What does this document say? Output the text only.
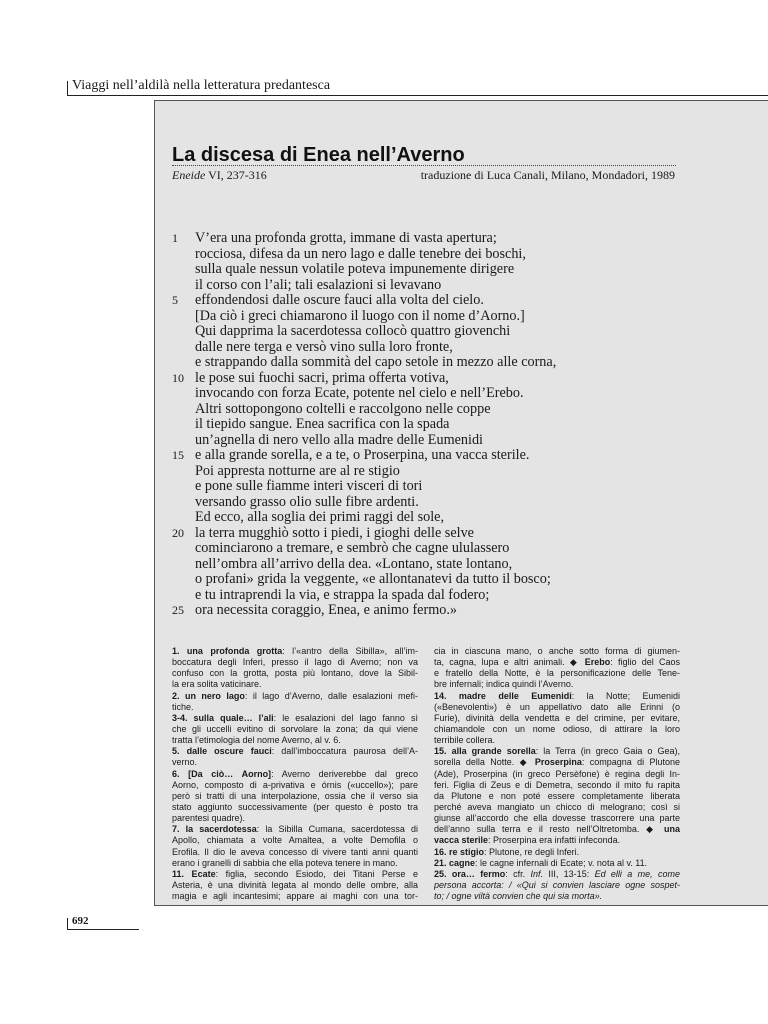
Viaggi nell’aldilà nella letteratura predantesca
La discesa di Enea nell’Averno
Eneide VI, 237-316	traduzione di Luca Canali, Milano, Mondadori, 1989
1	V’era una profonda grotta, immane di vasta apertura;
rocciosa, difesa da un nero lago e dalle tenebre dei boschi,
sulla quale nessun volatile poteva impunemente dirigere
il corso con l’ali; tali esalazioni si levavano
5	effondendosi dalle oscure fauci alla volta del cielo.
[Da ciò i greci chiamarono il luogo con il nome d’Aorno.]
Qui dapprima la sacerdotessa collocò quattro giovenchi
dalle nere terga e versò vino sulla loro fronte,
e strappando dalla sommità del capo setole in mezzo alle corna,
10 le pose sui fuochi sacri, prima offerta votiva,
invocando con forza Ecate, potente nel cielo e nell’Erebo.
Altri sottopongono coltelli e raccolgono nelle coppe
il tiepido sangue. Enea sacrifica con la spada
un’agnella di nero vello alla madre delle Eumenidi
15 e alla grande sorella, e a te, o Proserpina, una vacca sterile.
Poi appresta notturne are al re stigio
e pone sulle fiamme interi visceri di tori
versando grasso olio sulle fibre ardenti.
Ed ecco, alla soglia dei primi raggi del sole,
20 la terra mugghiò sotto i piedi, i gioghi delle selve
cominciarono a tremare, e sembrò che cagne ululassero
nell’ombra all’arrivo della dea. «Lontano, state lontano,
o profani» grida la veggente, «e allontanatevi da tutto il bosco;
e tu intraprendi la via, e strappa la spada dal fodero;
25 ora necessita coraggio, Enea, e animo fermo.»
1. una profonda grotta: l’«antro della Sibilla», all’im-
boccatura degli Inferi, presso il lago di Averno; non va
confuso con la grotta, posta più lontano, dove la Sibil-
la era solita vaticinare.
2. un nero lago: il lago d’Averno, dalle esalazioni mefi-
tiche.
3-4. sulla quale… l’ali: le esalazioni del lago fanno sì
che gli uccelli evitino di sorvolare la zona; da qui viene
tratta l’etimologia del nome Averno, al v. 6.
5. dalle oscure fauci: dall’imboccatura paurosa dell’A-
verno.
6. [Da ciò… Aorno]: Averno deriverebbe dal greco
Aorno, composto di a-privativa e órnis («uccello»); pare
però si tratti di una interpolazione, ossia che il verso sia
stato aggiunto successivamente (per questo è posto tra
parentesi quadre).
7. la sacerdotessa: la Sibilla Cumana, sacerdotessa di
Apollo, chiamata a volte Amaltea, a volte Demofila o
Erofila. Il dio le aveva concesso di vivere tanti anni quanti
erano i granelli di sabbia che ella poteva tenere in mano.
11. Ecate: figlia, secondo Esiodo, dei Titani Perse e
Asteria, è una divinità legata al mondo delle ombre, alla
magia e agli incantesimi; appare ai maghi con una tor-
cia in ciascuna mano, o anche sotto forma di giumen-
ta, cagna, lupa e altri animali. ◆ Erebo: figlio del Caos
e fratello della Notte, è la personificazione delle Tene-
bre infernali; indica quindi l’Averno.
14. madre delle Eumenidi: la Notte; Eumenidi
(«Benevolenti») è un appellativo dato alle Erinni (o
Furie), divinità della vendetta e del crimine, per evitare,
chiamandole con un nome odioso, di attirare la loro
terribile collera.
15. alla grande sorella: la Terra (in greco Gaia o Gea),
sorella della Notte. ◆ Proserpina: compagna di Plutone
(Ade), Proserpina (in greco Persèfone) è regina degli In-
feri. Figlia di Zeus e di Demetra, secondo il mito fu rapita
da Plutone e non poté essere completamente liberata
perché aveva mangiato un chicco di melograno; così si
giunse all’accordo che ella dovesse trascorrere una parte
dell’anno sulla terra e il resto nell’Oltretomba. ◆ una
vacca sterile: Proserpina era infatti infeconda.
16. re stigio: Plutone, re degli Inferi.
21. cagne: le cagne infernali di Ecate; v. nota al v. 11.
25. ora… fermo: cfr. Inf. III, 13-15: Ed elli a me, come
persona accorta: / «Qui si convien lasciare ogne sospet-
to; / ogne viltà convien che qui sia morta».
692
